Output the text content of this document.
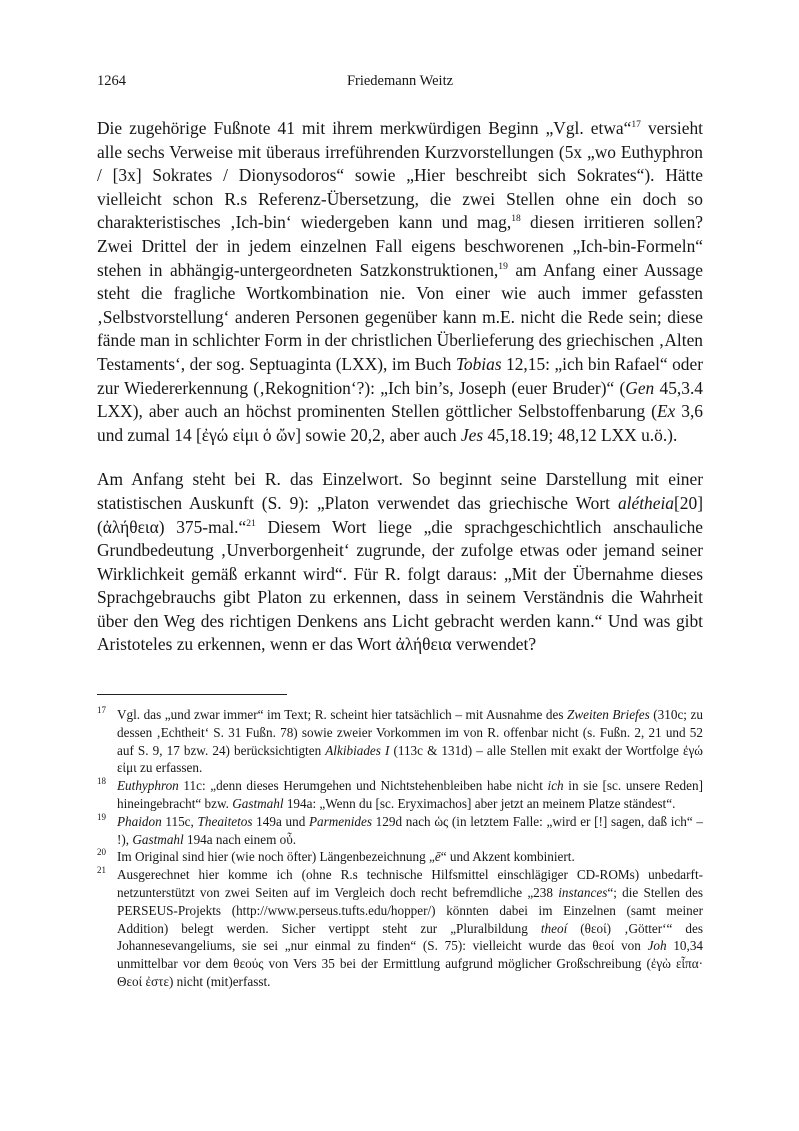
1264	Friedemann Weitz

Die zugehörige Fußnote 41 mit ihrem merkwürdigen Beginn „Vgl. etwa“$^{17}$ versieht alle sechs Verweise mit überaus irreführenden Kurzvorstellungen (5x „wo Euthyphron / [3x] Sokrates / Dionysodoros“ sowie „Hier beschreibt sich Sokrates“). Hätte vielleicht schon R.s Referenz-Übersetzung, die zwei Stellen ohne ein doch so charakteristisches ‚Ich-bin‘ wiedergeben kann und mag,$^{18}$ diesen irritieren sollen? Zwei Drittel der in jedem einzelnen Fall eigens beschworenen „Ich-bin-Formeln“ stehen in abhängig-untergeordneten Satzkonstruktionen,$^{19}$ am Anfang einer Aussage steht die fragliche Wortkombination nie. Von einer wie auch immer gefassten ‚Selbstvorstellung‘ anderen Personen gegenüber kann m.E. nicht die Rede sein; diese fände man in schlichter Form in der christlichen Überlieferung des griechischen ‚Alten Testaments‘, der sog. Septuaginta (LXX), im Buch Tobias 12,15: „ich bin Rafael“ oder zur Wiedererkennung (‚Rekognition‘?): „Ich bin’s, Joseph (euer Bruder)“ (Gen 45,3.4 LXX), aber auch an höchst prominenten Stellen göttlicher Selbstoffenbarung (Ex 3,6 und zumal 14 [ἐγώ εἰμι ὁ ὤν] sowie 20,2, aber auch Jes 45,18.19; 48,12 LXX u.ö.).

Am Anfang steht bei R. das Einzelwort. So beginnt seine Darstellung mit einer statistischen Auskunft (S. 9): „Platon verwendet das griechische Wort alétheia[20] (ἀλήθεια) 375-mal.“$^{21}$ Diesem Wort liege „die sprachgeschichtlich anschauliche Grundbedeutung ‚Unverborgenheit‘ zugrunde, der zufolge etwas oder jemand seiner Wirklichkeit gemäß erkannt wird“. Für R. folgt daraus: „Mit der Übernahme dieses Sprachgebrauchs gibt Platon zu erkennen, dass in seinem Verständnis die Wahrheit über den Weg des richtigen Denkens ans Licht gebracht werden kann.“ Und was gibt Aristoteles zu erkennen, wenn er das Wort ἀλήθεια verwendet?

17 Vgl. das „und zwar immer“ im Text; R. scheint hier tatsächlich – mit Ausnahme des Zweiten Briefes (310c; zu dessen ‚Echtheit‘ S. 31 Fußn. 78) sowie zweier Vorkommen im von R. offenbar nicht (s. Fußn. 2, 21 und 52 auf S. 9, 17 bzw. 24) berücksichtigten Alkibiades I (113c & 131d) – alle Stellen mit exakt der Wortfolge ἐγώ εἰμι zu erfassen.
18 Euthyphron 11c: „denn dieses Herumgehen und Nichtstehenbleiben habe nicht ich in sie [sc. unsere Reden] hineingebracht“ bzw. Gastmahl 194a: „Wenn du [sc. Eryximachos] aber jetzt an meinem Platze ständest“.
19 Phaidon 115c, Theaitetos 149a und Parmenides 129d nach ὡς (in letztem Falle: „wird er [!] sagen, daß ich“ – !), Gastmahl 194a nach einem οὖ.
20 Im Original sind hier (wie noch öfter) Längenbezeichnung „ē“ und Akzent kombiniert.
21 Ausgerechnet hier komme ich (ohne R.s technische Hilfsmittel einschlägiger CD-ROMs) unbedarft-netzunterstützt von zwei Seiten auf im Vergleich doch recht befremdliche „238 instances“; die Stellen des PERSEUS-Projekts (http://www.perseus.tufts.edu/hopper/) könnten dabei im Einzelnen (samt meiner Addition) belegt werden. Sicher vertippt steht zur „Pluralbildung theoí (θεοί) ‚Götter‘“ des Johannesevangeliums, sie sei „nur einmal zu finden“ (S. 75): vielleicht wurde das θεοί von Joh 10,34 unmittelbar vor dem θεούς von Vers 35 bei der Ermittlung aufgrund möglicher Großschreibung (ἐγὼ εἶπα· Θεοί ἐστε) nicht (mit)erfasst.
